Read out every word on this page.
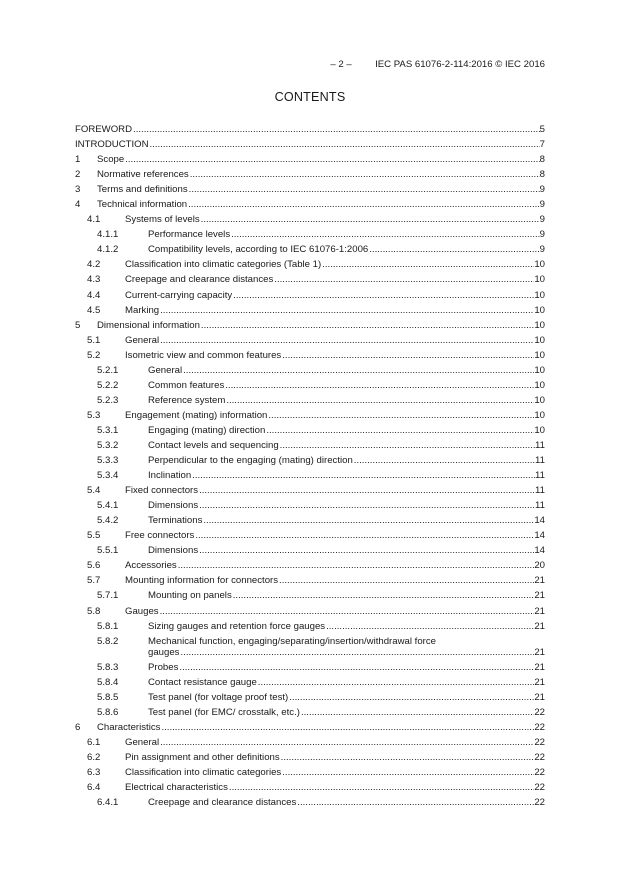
– 2 – IEC PAS 61076-2-114:2016 © IEC 2016
CONTENTS
FOREWORD .....	5
INTRODUCTION .....	7
1 Scope .....	8
2 Normative references .....	8
3 Terms and definitions .....	9
4 Technical information .....	9
4.1	Systems of levels .....	9
4.1.1	Performance levels .....	9
4.1.2	Compatibility levels, according to IEC 61076-1:2006 .....	9
4.2	Classification into climatic categories (Table 1) .....	10
4.3	Creepage and clearance distances .....	10
4.4	Current-carrying capacity .....	10
4.5	Marking .....	10
5 Dimensional information .....	10
5.1	General .....	10
5.2	Isometric view and common features .....	10
5.2.1	General .....	10
5.2.2	Common features .....	10
5.2.3	Reference system .....	10
5.3	Engagement (mating) information .....	10
5.3.1	Engaging (mating) direction .....	10
5.3.2	Contact levels and sequencing .....	11
5.3.3	Perpendicular to the engaging (mating) direction .....	11
5.3.4	Inclination .....	11
5.4	Fixed connectors .....	11
5.4.1	Dimensions .....	11
5.4.2	Terminations .....	14
5.5	Free connectors .....	14
5.5.1	Dimensions .....	14
5.6	Accessories .....	20
5.7	Mounting information for connectors .....	21
5.7.1	Mounting on panels .....	21
5.8	Gauges .....	21
5.8.1	Sizing gauges and retention force gauges .....	21
5.8.2	Mechanical function, engaging/separating/insertion/withdrawal force
gauges .....	21
5.8.3	Probes .....	21
5.8.4	Contact resistance gauge .....	21
5.8.5	Test panel (for voltage proof test) .....	21
5.8.6	Test panel (for EMC/ crosstalk, etc.) .....	22
6 Characteristics .....	22
6.1	General .....	22
6.2	Pin assignment and other definitions .....	22
6.3	Classification into climatic categories .....	22
6.4	Electrical characteristics .....	22
6.4.1	Creepage and clearance distances .....	22
